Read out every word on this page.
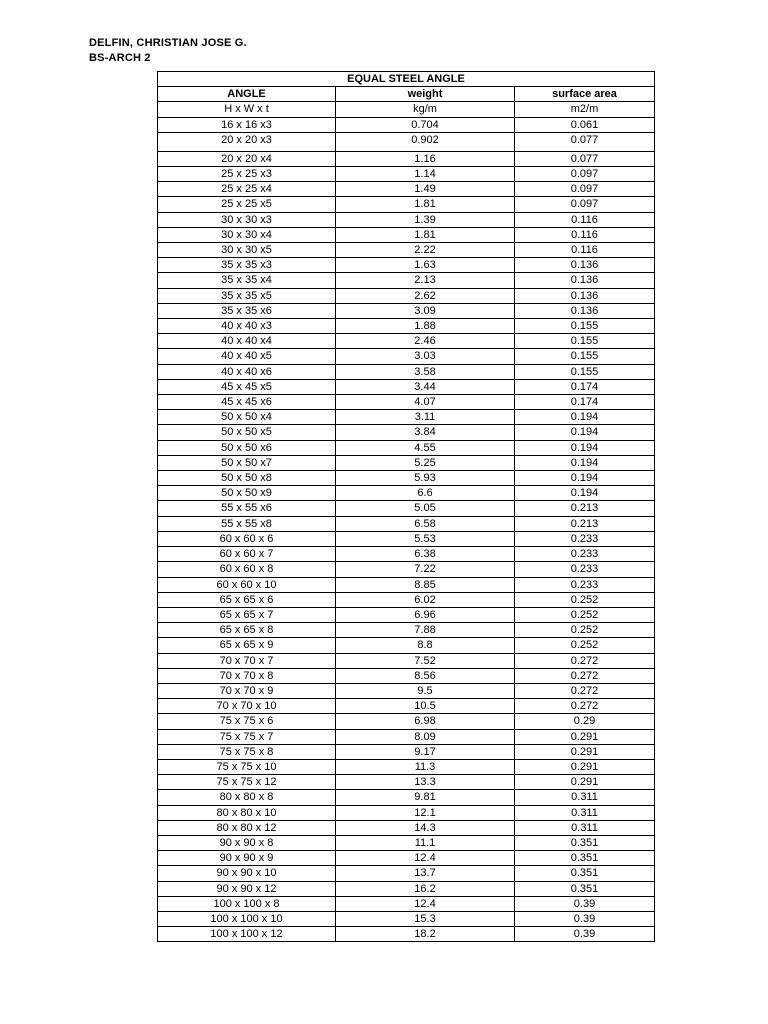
DELFIN, CHRISTIAN JOSE G.
BS-ARCH 2
EQUAL STEEL ANGLE		
ANGLE	weight	surface area
H x W x t	kg/m	m2/m
16 x 16 x3	0.704	0.061
20 x 20 x3	0.902	0.077
20 x 20 x4	1.16	0.077
25 x 25 x3	1.14	0.097
25 x 25 x4	1.49	0.097
25 x 25 x5	1.81	0.097
30 x 30 x3	1.39	0.116
30 x 30 x4	1.81	0.116
30 x 30 x5	2.22	0.116
35 x 35 x3	1.63	0.136
35 x 35 x4	2.13	0.136
35 x 35 x5	2.62	0.136
35 x 35 x6	3.09	0.136
40 x 40 x3	1.88	0.155
40 x 40 x4	2.46	0.155
40 x 40 x5	3.03	0.155
40 x 40 x6	3.58	0.155
45 x 45 x5	3.44	0.174
45 x 45 x6	4.07	0.174
50 x 50 x4	3.11	0.194
50 x 50 x5	3.84	0.194
50 x 50 x6	4.55	0.194
50 x 50 x7	5.25	0.194
50 x 50 x8	5.93	0.194
50 x 50 x9	6.6	0.194
55 x 55 x6	5.05	0.213
55 x 55 x8	6.58	0.213
60 x 60 x 6	5.53	0.233
60 x 60 x 7	6.38	0.233
60 x 60 x 8	7.22	0.233
60 x 60 x 10	8.85	0.233
65 x 65 x 6	6.02	0.252
65 x 65 x 7	6.96	0.252
65 x 65 x 8	7.88	0.252
65 x 65 x 9	8.8	0.252
70 x 70 x 7	7.52	0.272
70 x 70 x 8	8.56	0.272
70 x 70 x 9	9.5	0.272
70 x 70 x 10	10.5	0.272
75 x 75 x 6	6.98	0.29
75 x 75 x 7	8.09	0.291
75 x 75 x 8	9.17	0.291
75 x 75 x 10	11.3	0.291
75 x 75 x 12	13.3	0.291
80 x 80 x 8	9.81	0.311
80 x 80 x 10	12.1	0.311
80 x 80 x 12	14.3	0.311
90 x 90 x 8	11.1	0.351
90 x 90 x 9	12.4	0.351
90 x 90 x 10	13.7	0.351
90 x 90 x 12	16.2	0.351
100 x 100 x 8	12.4	0.39
100 x 100 x 10	15.3	0.39
100 x 100 x 12	18.2	0.39
